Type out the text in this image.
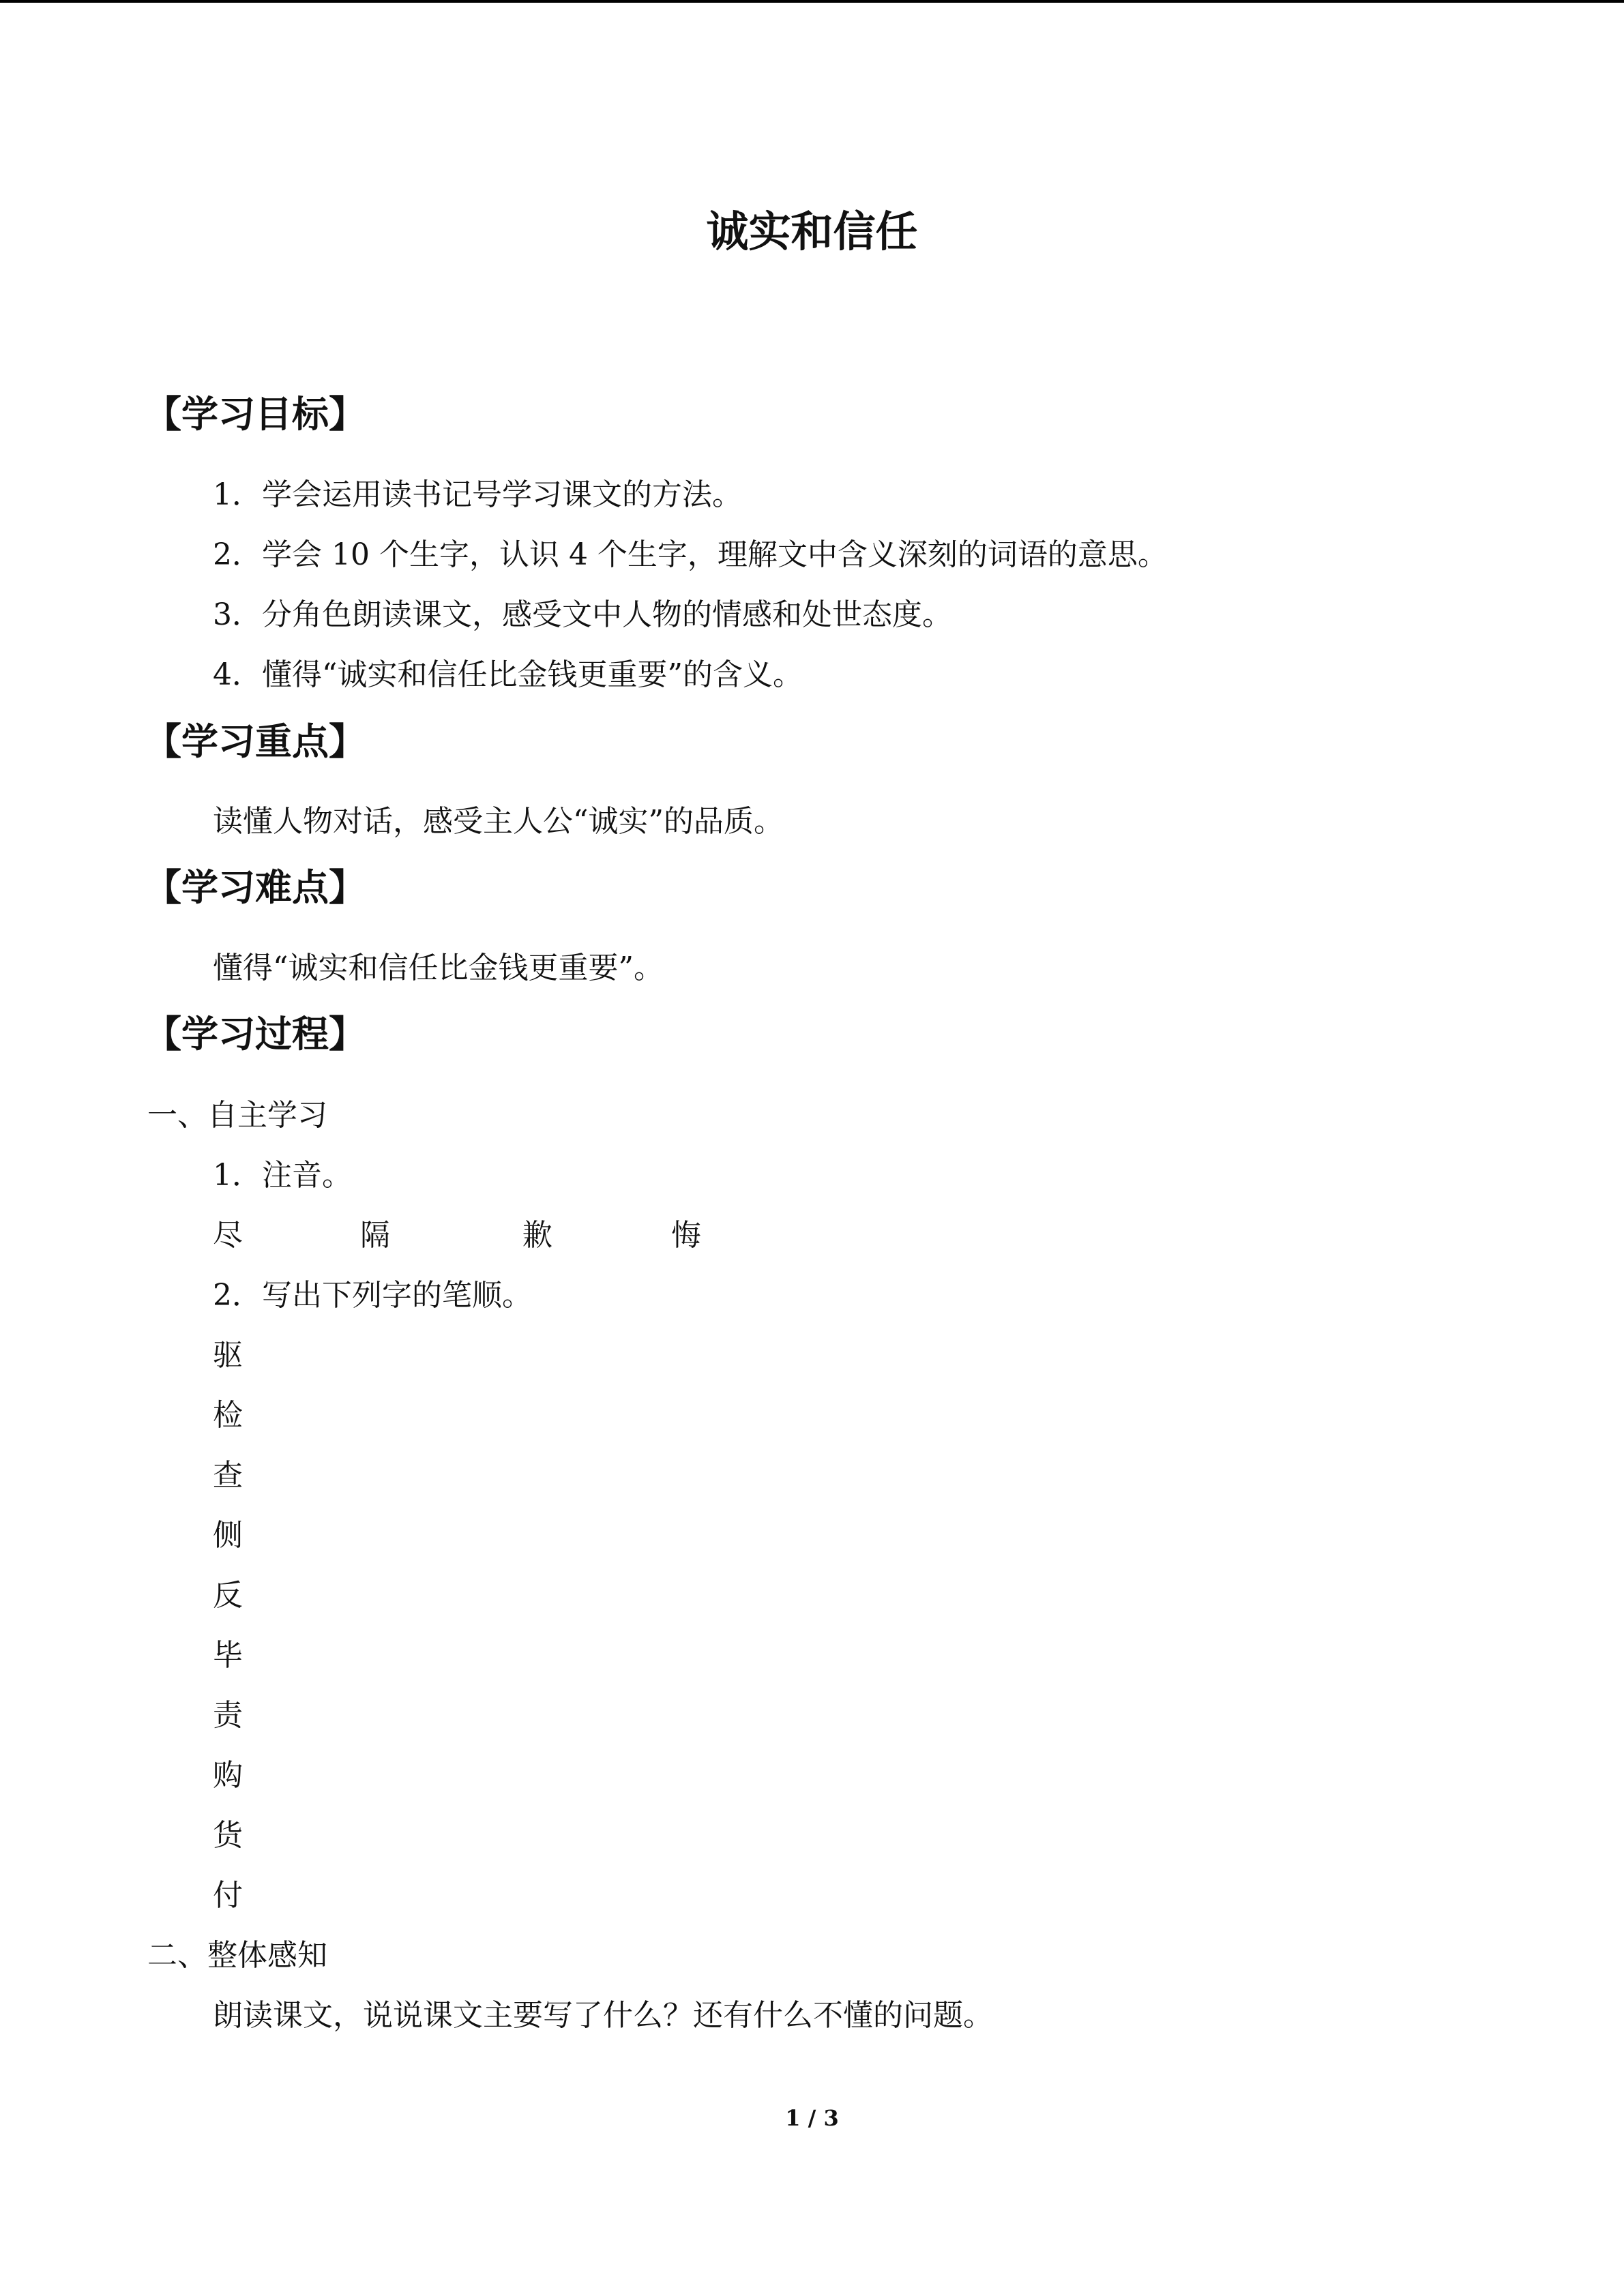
诚实和信任
【学习目标】
1．学会运用读书记号学习课文的方法。
2．学会 10 个生字，认识 4 个生字，理解文中含义深刻的词语的意思。
3．分角色朗读课文，感受文中人物的情感和处世态度。
4．懂得“诚实和信任比金钱更重要”的含义。
【学习重点】
读懂人物对话，感受主人公“诚实”的品质。
【学习难点】
懂得“诚实和信任比金钱更重要”。
【学习过程】
一、自主学习
1．注音。
尽	隔	歉	悔
2．写出下列字的笔顺。
驱
检
查
侧
反
毕
责
购
货
付
二、整体感知
朗读课文，说说课文主要写了什么？还有什么不懂的问题。
1 / 3
